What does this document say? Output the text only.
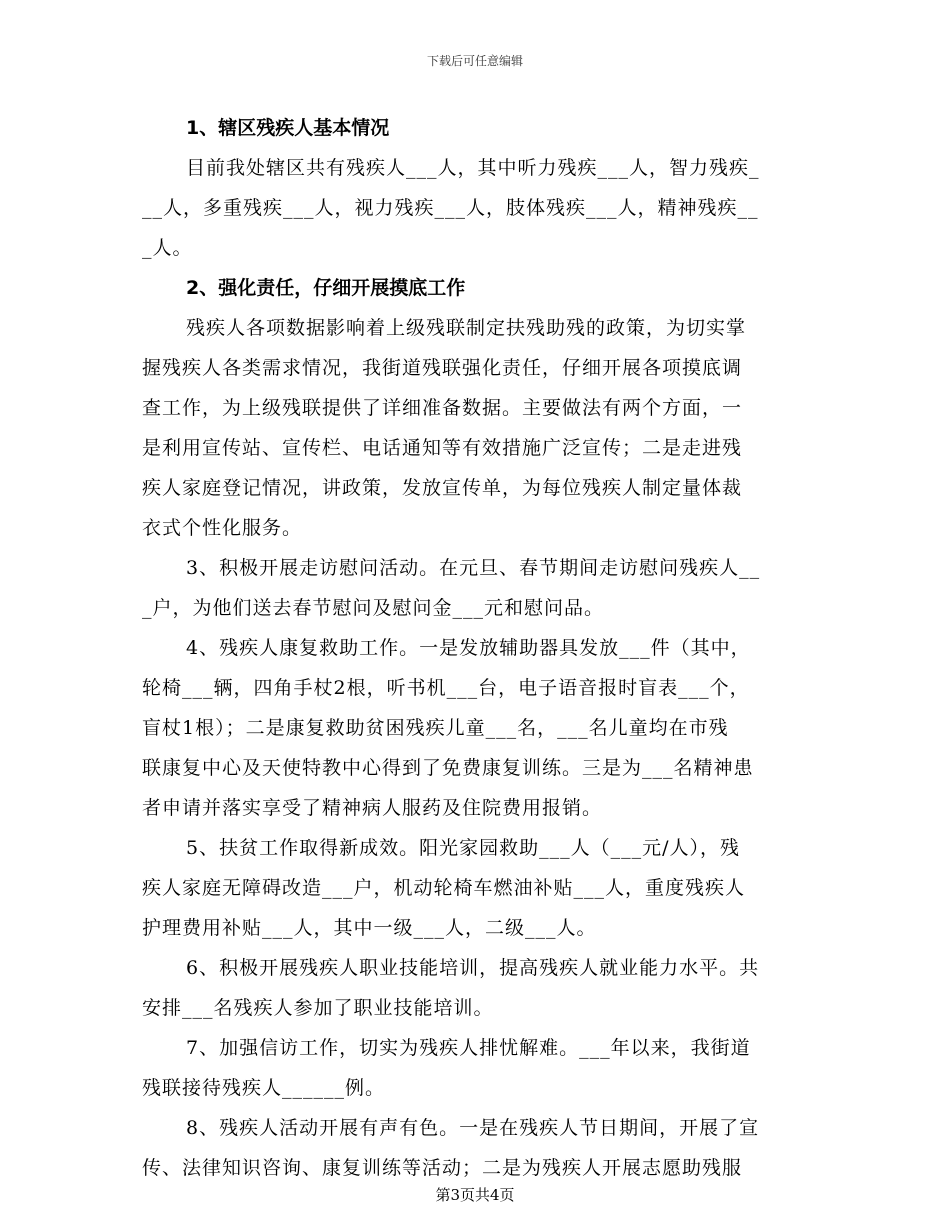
下载后可任意编辑
1、辖区残疾人基本情况
目前我处辖区共有残疾人___人，其中听力残疾___人，智力残疾_
__人，多重残疾___人，视力残疾___人，肢体残疾___人，精神残疾__
_人。
2、强化责任，仔细开展摸底工作
残疾人各项数据影响着上级残联制定扶残助残的政策，为切实掌
握残疾人各类需求情况，我街道残联强化责任，仔细开展各项摸底调
查工作，为上级残联提供了详细准备数据。主要做法有两个方面，一
是利用宣传站、宣传栏、电话通知等有效措施广泛宣传；二是走进残
疾人家庭登记情况，讲政策，发放宣传单，为每位残疾人制定量体裁
衣式个性化服务。
3、积极开展走访慰问活动。在元旦、春节期间走访慰问残疾人__
_户，为他们送去春节慰问及慰问金___元和慰问品。
4、残疾人康复救助工作。一是发放辅助器具发放___件（其中，
轮椅___辆，四角手杖2根，听书机___台，电子语音报时盲表___个，
盲杖1根）；二是康复救助贫困残疾儿童___名，___名儿童均在市残
联康复中心及天使特教中心得到了免费康复训练。三是为___名精神患
者申请并落实享受了精神病人服药及住院费用报销。
5、扶贫工作取得新成效。阳光家园救助___人（___元/人），残
疾人家庭无障碍改造___户，机动轮椅车燃油补贴___人，重度残疾人
护理费用补贴___人，其中一级___人，二级___人。
6、积极开展残疾人职业技能培训，提高残疾人就业能力水平。共
安排___名残疾人参加了职业技能培训。
7、加强信访工作，切实为残疾人排忧解难。___年以来，我街道
残联接待残疾人______例。
8、残疾人活动开展有声有色。一是在残疾人节日期间，开展了宣
传、法律知识咨询、康复训练等活动；二是为残疾人开展志愿助残服
第3页共4页
